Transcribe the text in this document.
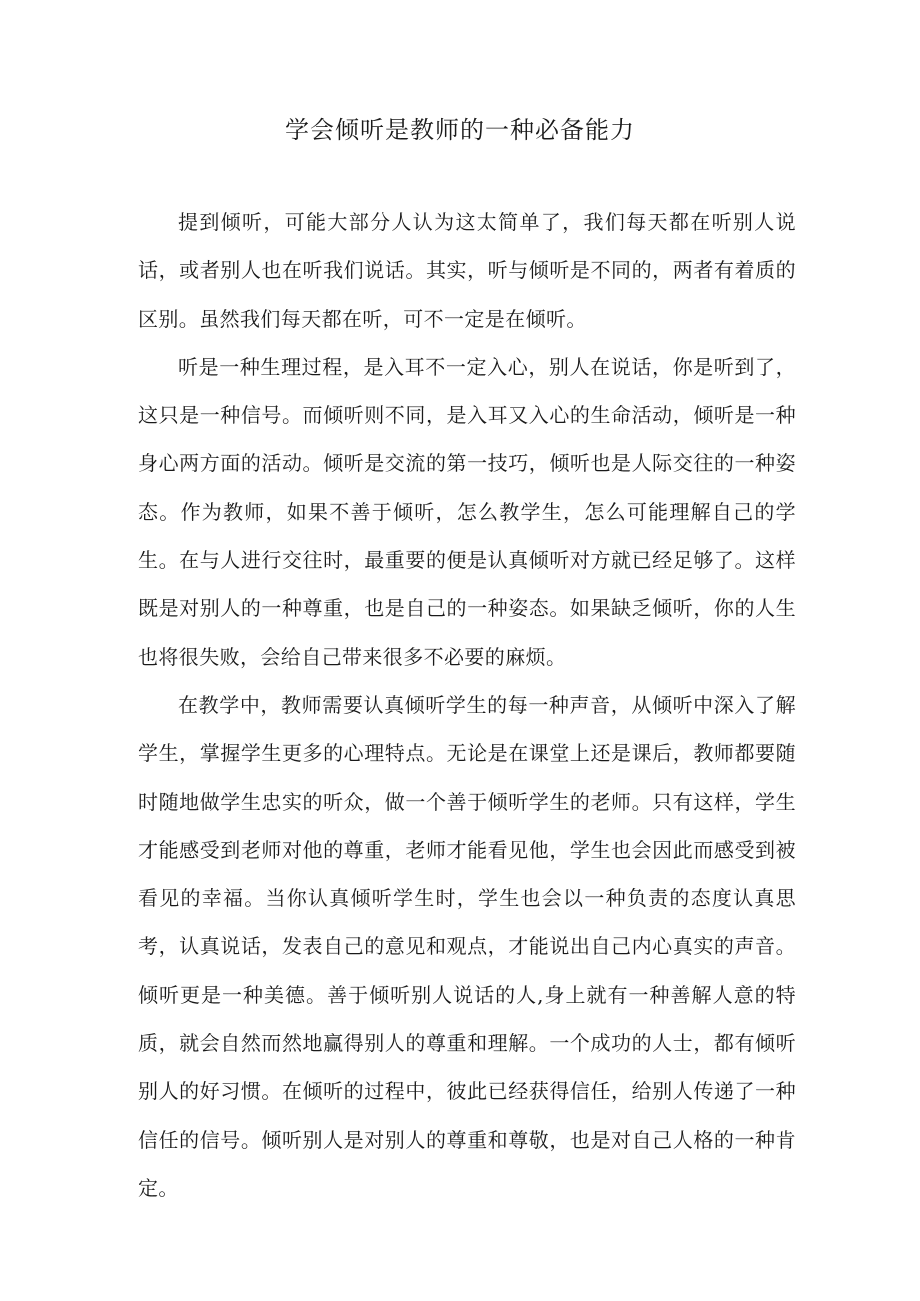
学会倾听是教师的一种必备能力

提到倾听，可能大部分人认为这太简单了，我们每天都在听别人说话，或者别人也在听我们说话。其实，听与倾听是不同的，两者有着质的区别。虽然我们每天都在听，可不一定是在倾听。

听是一种生理过程，是入耳不一定入心，别人在说话，你是听到了，这只是一种信号。而倾听则不同，是入耳又入心的生命活动，倾听是一种身心两方面的活动。倾听是交流的第一技巧，倾听也是人际交往的一种姿态。作为教师，如果不善于倾听，怎么教学生，怎么可能理解自己的学生。在与人进行交往时，最重要的便是认真倾听对方就已经足够了。这样既是对别人的一种尊重，也是自己的一种姿态。如果缺乏倾听，你的人生也将很失败，会给自己带来很多不必要的麻烦。

在教学中，教师需要认真倾听学生的每一种声音，从倾听中深入了解学生，掌握学生更多的心理特点。无论是在课堂上还是课后，教师都要随时随地做学生忠实的听众，做一个善于倾听学生的老师。只有这样，学生才能感受到老师对他的尊重，老师才能看见他，学生也会因此而感受到被看见的幸福。当你认真倾听学生时，学生也会以一种负责的态度认真思考，认真说话，发表自己的意见和观点，才能说出自己内心真实的声音。倾听更是一种美德。善于倾听别人说话的人,身上就有一种善解人意的特质，就会自然而然地赢得别人的尊重和理解。一个成功的人士，都有倾听别人的好习惯。在倾听的过程中，彼此已经获得信任，给别人传递了一种信任的信号。倾听别人是对别人的尊重和尊敬，也是对自己人格的一种肯定。
